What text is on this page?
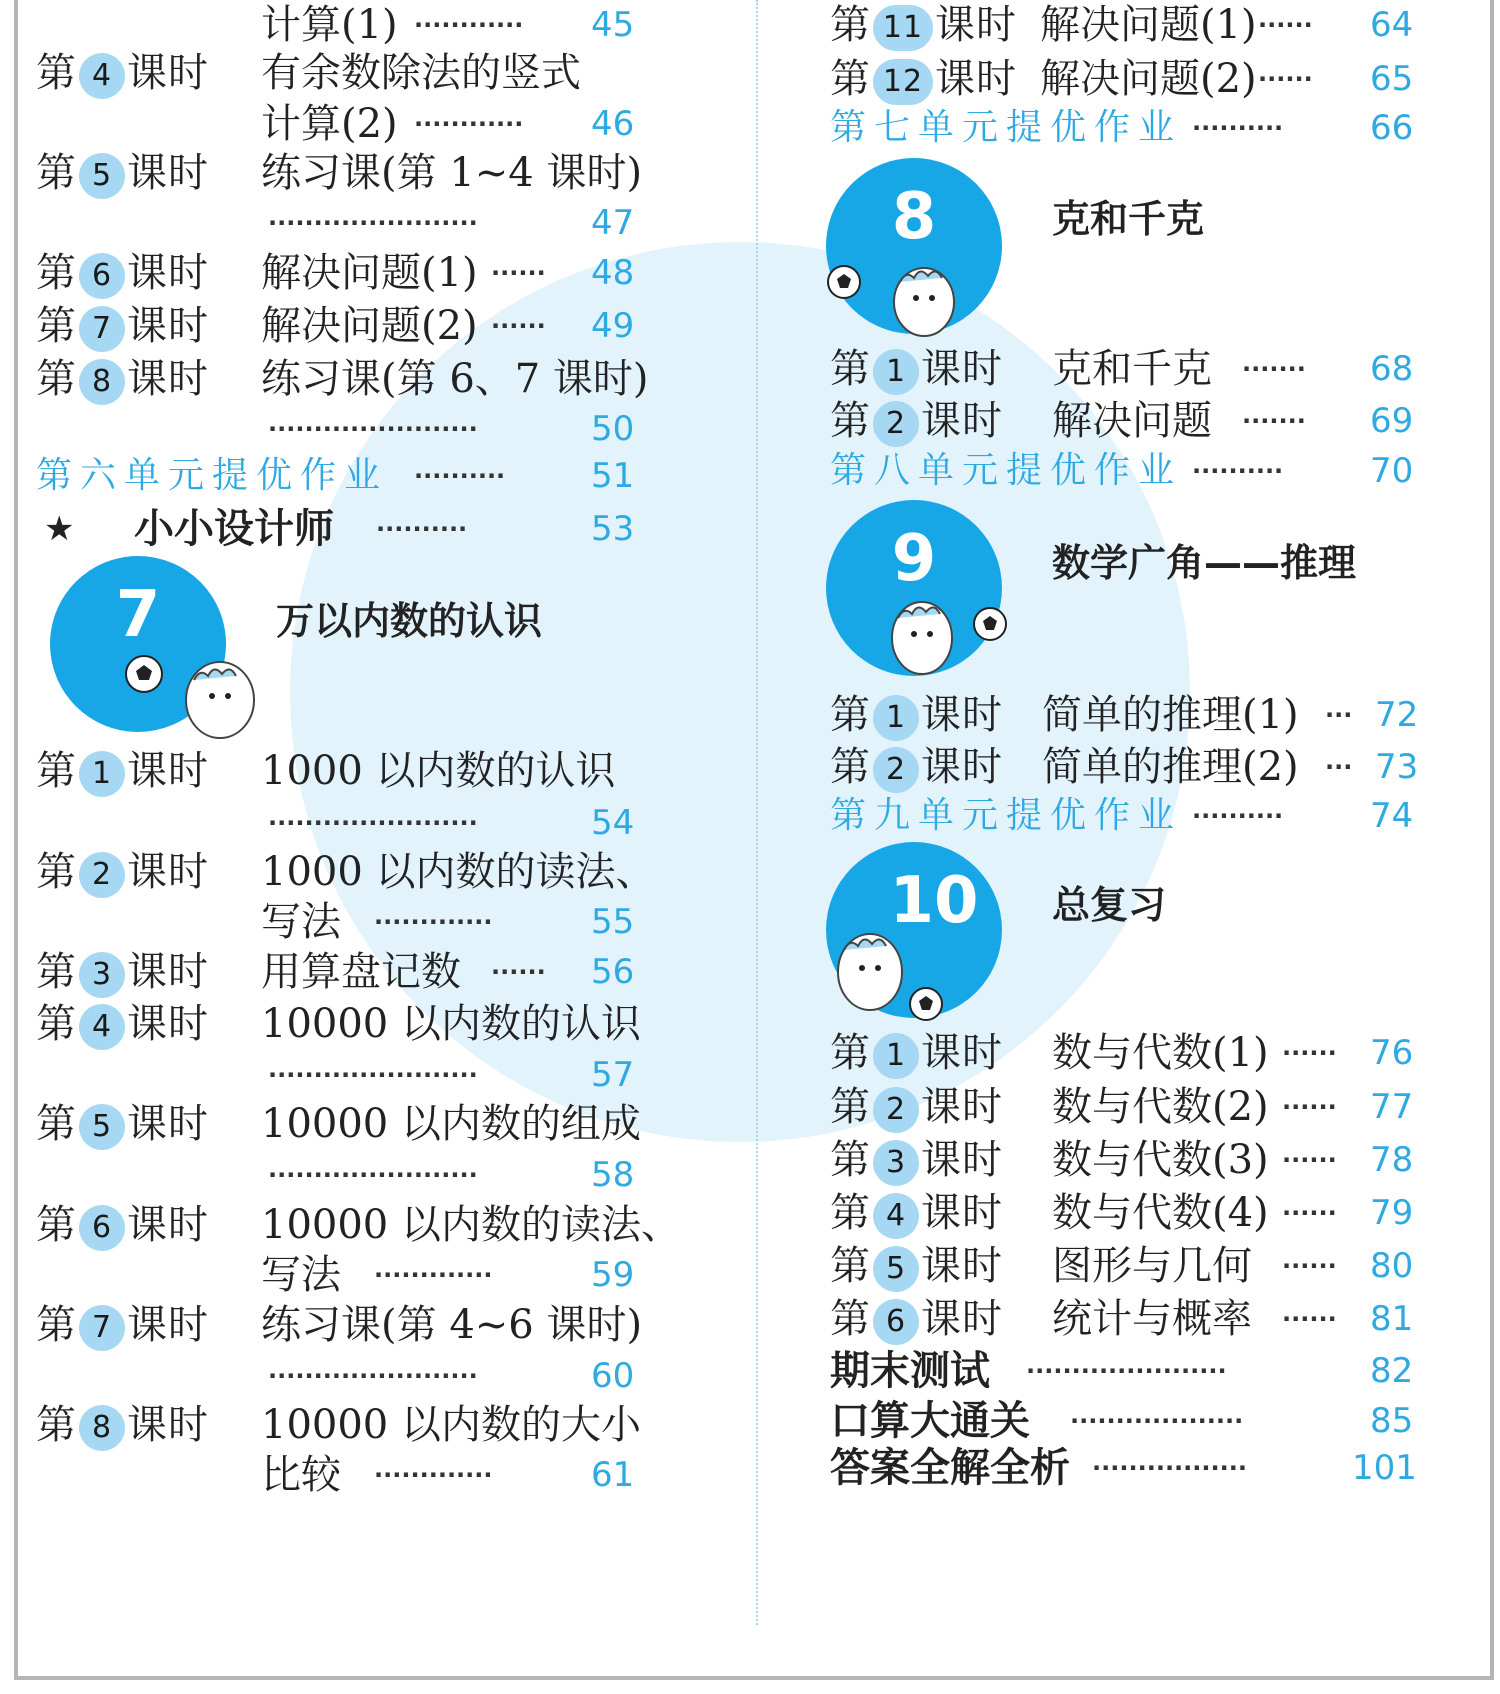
计算(1) ············ 45
第 4 课时 有余数除法的竖式
计算(2) ············ 46
第 5 课时 练习课(第 1~4 课时)
·······················	47
第 6 课时 解决问题(1) ······ 48
第 7 课时 解决问题(2) ······ 49
第 8 课时 练习课(第 6、7 课时)
·······················	50
第六单元提优作业 ··········	51
★ 小小设计师 ··········	53
7	万以内数的认识
第 1 课时 1000 以内数的认识
·······················	54
第 2 课时 1000 以内数的读法、
写法 ·············	55
第 3 课时 用算盘记数 ······ 56
第 4 课时 10000 以内数的认识
·······················	57
第 5 课时 10000 以内数的组成
·······················	58
第 6 课时 10000 以内数的读法、
写法 ·············	59
第 7 课时 练习课(第 4~6 课时)
·······················	60
第 8 课时 10000 以内数的大小
比较 ·············	61
第 11 课时 解决问题(1) ······ 64
第 12 课时 解决问题(2) ······ 65
第七单元提优作业 ··········	66
8	克和千克
第 1 课时 克和千克 ······· 68
第 2 课时 解决问题 ······· 69
第八单元提优作业 ··········	70
9	数学广角——推理
第 1 课时 简单的推理(1) ··· 72
第 2 课时 简单的推理(2) ··· 73
第九单元提优作业 ··········	74
10	总复习
第 1 课时 数与代数(1) ······ 76
第 2 课时 数与代数(2) ······ 77
第 3 课时 数与代数(3) ······ 78
第 4 课时 数与代数(4) ······ 79
第 5 课时 图形与几何 ······ 80
第 6 课时 统计与概率 ······ 81
期末测试 ······················	82
口算大通关 ···················	85
答案全解全析 ·················	101
